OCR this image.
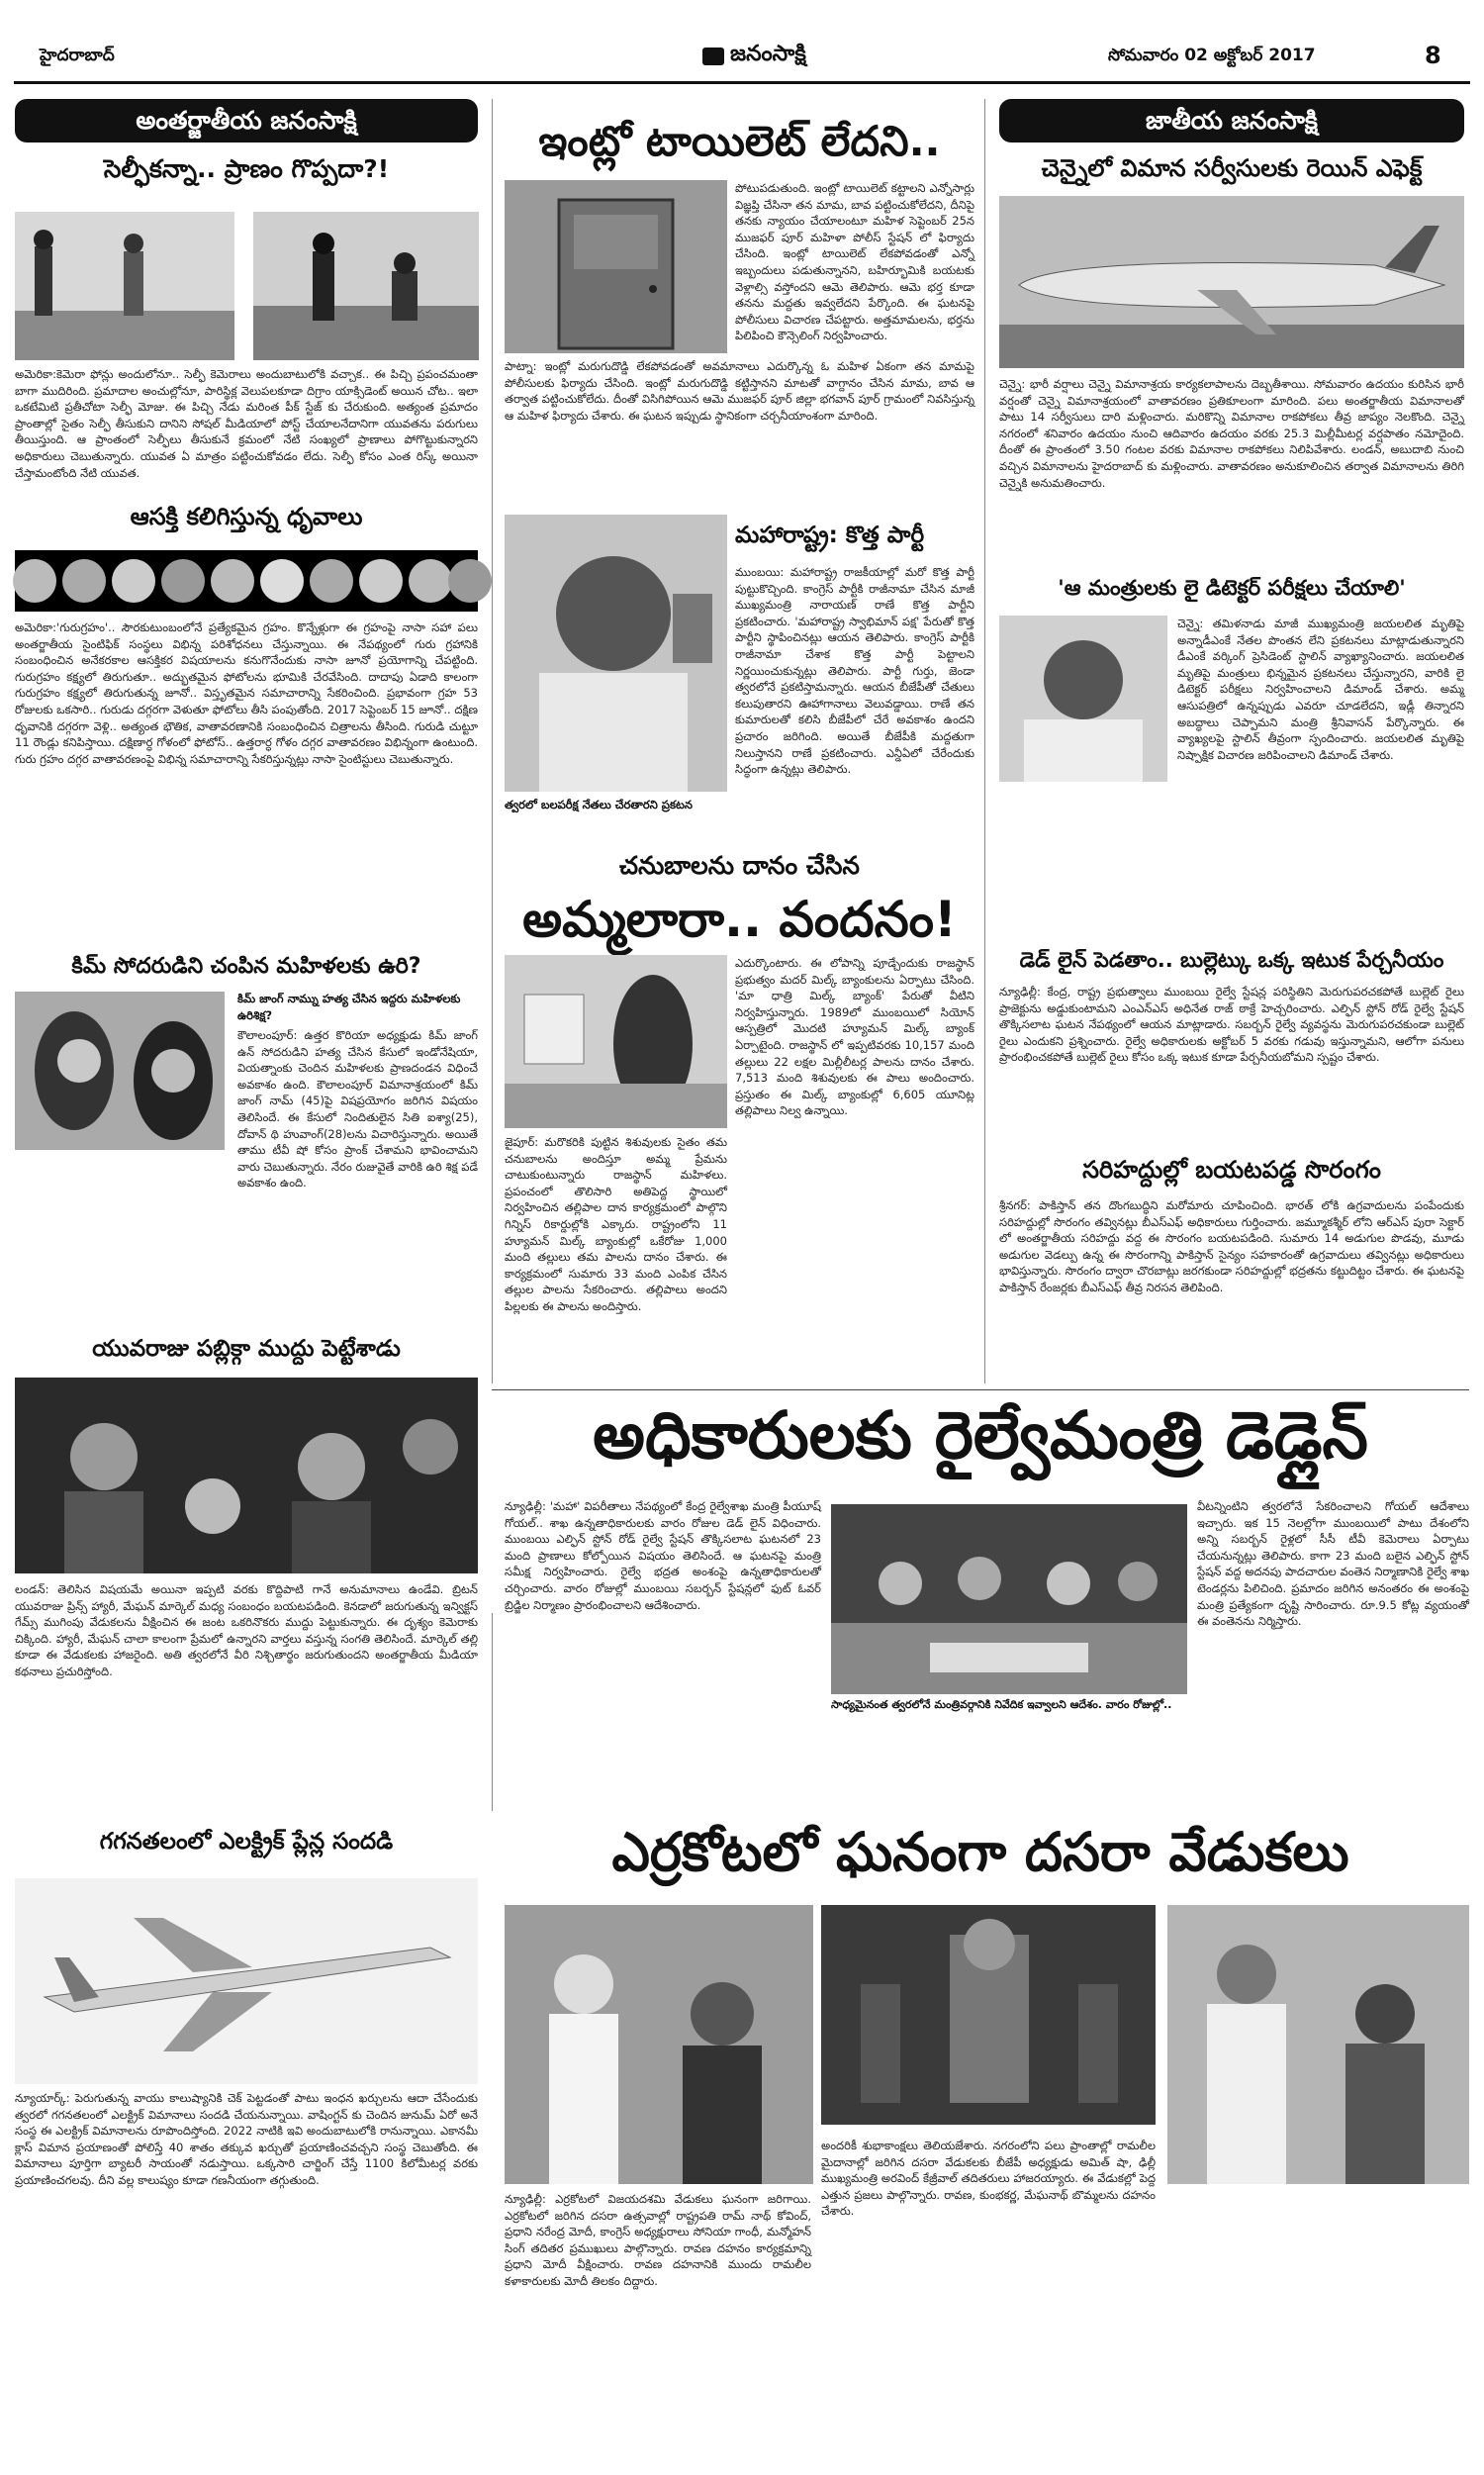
హైదరాబాద్	జనంసాక్షి	సోమవారం 02 అక్టోబర్ 2017	8
అంతర్జాతీయ జనంసాక్షి
సెల్ఫీకన్నా.. ప్రాణం గొప్పదా?!
అమెరికా:కెమెరా ఫోన్లు అందులోనూ.. సెల్ఫీ కెమెరాలు అందుబాటులోకి వచ్చాక.. ఈ పిచ్చి ప్రపంచమంతా బాగా ముదిరింది. ప్రమాదాల అంచుల్లోనూ, పారిస్థిక్ల వెలుపలకూడా దిగ్రాం యాక్సిడెంట్ అయిన చోట.. ఇలా ఒకటేమిటి ప్రతీచోటా సెల్ఫీ మోజు. ఈ పిచ్చి నేడు మరింత పీక్ స్టేజ్ కు చేరుకుంది. అత్యంత ప్రమాదం ప్రాంతాల్లో సైతం సెల్ఫీ తీసుకుని దానిని సోషల్ మీడియాలో పోస్ట్ చేయాలనేదానిగా యువతను పరుగులు తీయిస్తుంది. ఆ ప్రాంతంలో సెల్ఫీలు తీసుకునే క్రమంలో నేటి సంఖ్యలో ప్రాణాలు పోగొట్టుకున్నారని అధికారులు చెబుతున్నారు. యువత ఏ మాత్రం పట్టించుకోవడం లేదు. సెల్ఫీ కోసం ఎంత రిస్క్ అయినా చేస్తామంటోంది నేటి యువత.
ఆసక్తి కలిగిస్తున్న ధృవాలు
అమెరికా:'గురుగ్రహం'.. సౌరకుటుంబంలోనే ప్రత్యేకమైన గ్రహం. కొన్నేళ్లుగా ఈ గ్రహంపై నాసా సహా పలు అంతర్జాతీయ సైంటిఫిక్ సంస్థలు విభిన్న పరిశోధనలు చేస్తున్నాయి. ఈ నేపథ్యంలో గురు గ్రహానికి సంబంధించిన అనేకరకాల ఆసక్తికర విషయాలను కనుగొనేందుకు నాసా జూనో ప్రయోగాన్ని చేపట్టింది. గురుగ్రహం కక్ష్యలో తిరుగుతూ.. అద్భుతమైన ఫోటోలను భూమికి చేరవేసింది. దాదాపు ఏడాది కాలంగా గురుగ్రహం కక్ష్యలో తిరుగుతున్న జూనో.. విస్తృతమైన సమాచారాన్ని సేకరించింది. ప్రభావంగా గ్రహ 53 రోజులకు ఒకసారి.. గురుడు దగ్గరగా వెళుతూ ఫోటోలు తీసి పంపుతోంది. 2017 సెప్టెంబర్ 15 జూనో.. దక్షిణ ధృవానికి దగ్గరగా వెళ్లి.. అత్యంత భౌతిక, వాతావరణానికి సంబంధించిన చిత్రాలను తీసింది. గురుడి చుట్టూ 11 రౌండ్లు కనిపిస్తాయి. దక్షిణార్ధ గోళంలో ఫోటోస్.. ఉత్తరార్ధ గోళం దగ్గర వాతావరణం విభిన్నంగా ఉంటుంది. గురు గ్రహం దగ్గర వాతావరణంపై విభిన్న సమాచారాన్ని సేకరిస్తున్నట్లు నాసా సైంటిస్టులు చెబుతున్నారు.
కిమ్ సోదరుడిని చంపిన మహిళలకు ఉరి?
కిమ్ జాంగ్ నామ్ను హత్య చేసిన ఇద్దరు మహిళలకు ఉరిశిక్ష?
కౌలాలంపూర్: ఉత్తర కొరియా అధ్యక్షుడు కిమ్ జాంగ్ ఉన్ సోదరుడిని హత్య చేసిన కేసులో ఇండోనేషియా, వియత్నాంకు చెందిన మహిళలకు ప్రాణదండన విధించే అవకాశం ఉంది. కౌలాలంపూర్ విమానాశ్రయంలో కిమ్ జాంగ్ నామ్ (45)పై విషప్రయోగం జరిగిన విషయం తెలిసిందే. ఈ కేసులో నిందితులైన సితి ఐశ్యా(25), దోవాన్ థి హువాంగ్(28)లను విచారిస్తున్నారు. అయితే తాము టీవీ షో కోసం ప్రాంక్ చేశామని భావించామని వారు చెబుతున్నారు. నేరం రుజువైతే వారికి ఉరి శిక్ష పడే అవకాశం ఉంది.
యువరాజు పబ్లిక్గా ముద్దు పెట్టేశాడు
లండన్: తెలిసిన విషయమే అయినా ఇప్పటి వరకు కొద్దిపాటి గానే అనుమానాలు ఉండేవి. బ్రిటన్ యువరాజు ప్రిన్స్ హ్యారీ, మేఘన్ మార్కెల్ మధ్య సంబంధం బయటపడింది. కెనడాలో జరుగుతున్న ఇన్విక్టస్ గేమ్స్ ముగింపు వేడుకలను వీక్షించిన ఈ జంట ఒకరినొకరు ముద్దు పెట్టుకున్నారు. ఈ దృశ్యం కెమెరాకు చిక్కింది. హ్యారీ, మేఘన్ చాలా కాలంగా ప్రేమలో ఉన్నారని వార్తలు వస్తున్న సంగతి తెలిసిందే. మార్కెల్ తల్లి కూడా ఈ వేడుకలకు హాజరైంది. అతి త్వరలోనే వీరి నిశ్చితార్థం జరుగుతుందని అంతర్జాతీయ మీడియా కథనాలు ప్రచురిస్తోంది.
గగనతలంలో ఎలక్ట్రిక్ ప్లేన్ల సందడి
న్యూయార్క్: పెరుగుతున్న వాయు కాలుష్యానికి చెక్ పెట్టడంతో పాటు ఇంధన ఖర్చులను ఆదా చేసేందుకు త్వరలో గగనతలంలో ఎలక్ట్రిక్ విమానాలు సందడి చేయనున్నాయి. వాషింగ్టన్ కు చెందిన జునుమ్ ఏరో అనే సంస్థ ఈ ఎలక్ట్రిక్ విమానాలను రూపొందిస్తోంది. 2022 నాటికి ఇవి అందుబాటులోకి రానున్నాయి. ఎకానమీ క్లాస్ విమాన ప్రయాణంతో పోలిస్తే 40 శాతం తక్కువ ఖర్చుతో ప్రయాణించవచ్చని సంస్థ చెబుతోంది. ఈ విమానాలు పూర్తిగా బ్యాటరీ సాయంతో నడుస్తాయి. ఒక్కసారి చార్జింగ్ చేస్తే 1100 కిలోమీటర్ల వరకు ప్రయాణించగలవు. దీని వల్ల కాలుష్యం కూడా గణనీయంగా తగ్గుతుంది.
ఇంట్లో టాయిలెట్ లేదని..
పోటుపడుతుంది. ఇంట్లో టాయిలెట్ కట్టాలని ఎన్నోసార్లు విజ్ఞప్తి చేసినా తన మామ, బావ పట్టించుకోలేదని, దీనిపై తనకు న్యాయం చేయాలంటూ మహిళ సెప్టెంబర్ 25న ముజఫర్ పూర్ మహిళా పోలీస్ స్టేషన్ లో ఫిర్యాదు చేసింది. ఇంట్లో టాయిలెట్ లేకపోవడంతో ఎన్నో ఇబ్బందులు పడుతున్నానని, బహిర్భూమికి బయటకు వెళ్లాల్సి వస్తోందని ఆమె తెలిపారు. ఆమె భర్త కూడా తనను మద్దతు ఇవ్వలేదని పేర్కొంది. ఈ ఘటనపై పోలీసులు విచారణ చేపట్టారు. అత్తమామలను, భర్తను పిలిపించి కౌన్సెలింగ్ నిర్వహించారు.
పాట్నా: ఇంట్లో మరుగుదొడ్డి లేకపోవడంతో అవమానాలు ఎదుర్కొన్న ఓ మహిళ ఏకంగా తన మామపై పోలీసులకు ఫిర్యాదు చేసింది. ఇంట్లో మరుగుదొడ్డి కట్టిస్తానని మాటతో వాగ్దానం చేసిన మామ, బావ ఆ తర్వాత పట్టించుకోలేదు. దీంతో విసిగిపోయిన ఆమె ముజఫర్ పూర్ జిల్లా భగవాన్ పూర్ గ్రామంలో నివసిస్తున్న ఆ మహిళ ఫిర్యాదు చేశారు. ఈ ఘటన ఇప్పుడు స్థానికంగా చర్చనీయాంశంగా మారింది.
మహారాష్ట్ర: కొత్త పార్టీ
ముంబయి: మహారాష్ట్ర రాజకీయాల్లో మరో కొత్త పార్టీ పుట్టుకొచ్చింది. కాంగ్రెస్ పార్టీకి రాజీనామా చేసిన మాజీ ముఖ్యమంత్రి నారాయణ్ రాణే కొత్త పార్టీని ప్రకటించారు. 'మహారాష్ట్ర స్వాభిమాన్ పక్ష' పేరుతో కొత్త పార్టీని స్థాపించినట్లు ఆయన తెలిపారు. కాంగ్రెస్ పార్టీకి రాజీనామా చేశాక కొత్త పార్టీ పెట్టాలని నిర్ణయించుకున్నట్లు తెలిపారు. పార్టీ గుర్తు, జెండా త్వరలోనే ప్రకటిస్తామన్నారు. ఆయన బీజేపీతో చేతులు కలుపుతారని ఊహాగానాలు వెలువడ్డాయి. రాణే తన కుమారులతో కలిసి బీజేపీలో చేరే అవకాశం ఉందని ప్రచారం జరిగింది. అయితే బీజేపీకి మద్దతుగా నిలుస్తానని రాణే ప్రకటించారు. ఎన్డీఏలో చేరేందుకు సిద్ధంగా ఉన్నట్లు తెలిపారు.
త్వరలో బలపరీక్ష నేతలు చేరతారని ప్రకటన
చనుబాలను దానం చేసిన
అమ్మలారా.. వందనం!
ఎదుర్కొంటారు. ఈ లోపాన్ని పూడ్చేందుకు రాజస్థాన్ ప్రభుత్వం మదర్ మిల్క్ బ్యాంకులను ఏర్పాటు చేసింది. 'మా ధాత్రి మిల్క్ బ్యాంక్' పేరుతో వీటిని నిర్వహిస్తున్నారు. 1989లో ముంబయిలో సియోన్ ఆస్పత్రిలో మొదటి హ్యూమన్ మిల్క్ బ్యాంక్ ఏర్పాటైంది. రాజస్థాన్ లో ఇప్పటివరకు 10,157 మంది తల్లులు 22 లక్షల మిల్లీలీటర్ల పాలను దానం చేశారు. 7,513 మంది శిశువులకు ఈ పాలు అందించారు. ప్రస్తుతం ఈ మిల్క్ బ్యాంకుల్లో 6,605 యూనిట్ల తల్లిపాలు నిల్వ ఉన్నాయి.
జైపూర్: మరొకరికి పుట్టిన శిశువులకు సైతం తమ చనుబాలను అందిస్తూ అమ్మ ప్రేమను చాటుకుంటున్నారు రాజస్థాన్ మహిళలు. ప్రపంచంలో తొలిసారి అతిపెద్ద స్థాయిలో నిర్వహించిన తల్లిపాల దాన కార్యక్రమంలో పాల్గొని గిన్నిస్ రికార్డుల్లోకి ఎక్కారు. రాష్ట్రంలోని 11 హ్యూమన్ మిల్క్ బ్యాంకుల్లో ఒకేరోజు 1,000 మంది తల్లులు తమ పాలను దానం చేశారు. ఈ కార్యక్రమంలో సుమారు 33 మంది ఎంపిక చేసిన తల్లుల పాలను సేకరించారు. తల్లిపాలు అందని పిల్లలకు ఈ పాలను అందిస్తారు.
జాతీయ జనంసాక్షి
చెన్నైలో విమాన సర్వీసులకు రెయిన్ ఎఫెక్ట్
చెన్నై: భారీ వర్షాలు చెన్నై విమానాశ్రయ కార్యకలాపాలను దెబ్బతీశాయి. సోమవారం ఉదయం కురిసిన భారీ వర్షంతో చెన్నై విమానాశ్రయంలో వాతావరణం ప్రతికూలంగా మారింది. పలు అంతర్జాతీయ విమానాలతో పాటు 14 సర్వీసులు దారి మళ్లించారు. మరికొన్ని విమానాల రాకపోకలు తీవ్ర జాప్యం నెలకొంది. చెన్నై నగరంలో శనివారం ఉదయం నుంచి ఆదివారం ఉదయం వరకు 25.3 మిల్లీమీటర్ల వర్షపాతం నమోదైంది. దీంతో ఈ ప్రాంతంలో 3.50 గంటల వరకు విమానాల రాకపోకలు నిలిపివేశారు. లండన్, అబుదాబి నుంచి వచ్చిన విమానాలను హైదరాబాద్ కు మళ్లించారు. వాతావరణం అనుకూలించిన తర్వాత విమానాలను తిరిగి చెన్నైకి అనుమతించారు.
'ఆ మంత్రులకు లై డిటెక్టర్ పరీక్షలు చేయాలి'
చెన్నై: తమిళనాడు మాజీ ముఖ్యమంత్రి జయలలిత మృతిపై అన్నాడీఎంకే నేతల పొంతన లేని ప్రకటనలు మాట్లాడుతున్నారని డీఎంకే వర్కింగ్ ప్రెసిడెంట్ స్టాలిన్ వ్యాఖ్యానించారు. జయలలిత మృతిపై మంత్రులు భిన్నమైన ప్రకటనలు చేస్తున్నారని, వారికి లై డిటెక్టర్ పరీక్షలు నిర్వహించాలని డిమాండ్ చేశారు. అమ్మ ఆసుపత్రిలో ఉన్నప్పుడు ఎవరూ చూడలేదని, ఇడ్లీ తిన్నారని అబద్ధాలు చెప్పామని మంత్రి శ్రీనివాసన్ పేర్కొన్నారు. ఈ వ్యాఖ్యలపై స్టాలిన్ తీవ్రంగా స్పందించారు. జయలలిత మృతిపై నిష్పాక్షిక విచారణ జరిపించాలని డిమాండ్ చేశారు.
డెడ్ లైన్ పెడతాం.. బుల్లెట్కు ఒక్క ఇటుక పేర్చనీయం
న్యూఢిల్లీ: కేంద్ర, రాష్ట్ర ప్రభుత్వాలు ముంబయి రైల్వే స్టేషన్ల పరిస్థితిని మెరుగుపరచకపోతే బుల్లెట్ రైలు ప్రాజెక్టును అడ్డుకుంటామని ఎంఎన్ఎస్ అధినేత రాజ్ ఠాక్రే హెచ్చరించారు. ఎల్ఫిన్ స్టోన్ రోడ్ రైల్వే స్టేషన్ తొక్కిసలాట ఘటన నేపథ్యంలో ఆయన మాట్లాడారు. సబర్బన్ రైల్వే వ్యవస్థను మెరుగుపరచకుండా బుల్లెట్ రైలు ఎందుకని ప్రశ్నించారు. రైల్వే అధికారులకు అక్టోబర్ 5 వరకు గడువు ఇస్తున్నామని, ఆలోగా పనులు ప్రారంభించకపోతే బుల్లెట్ రైలు కోసం ఒక్క ఇటుక కూడా పేర్చనీయబోమని స్పష్టం చేశారు.
సరిహద్దుల్లో బయటపడ్డ సొరంగం
శ్రీనగర్: పాకిస్తాన్ తన దొంగబుద్ధిని మరోమారు చూపించింది. భారత్ లోకి ఉగ్రవాదులను పంపేందుకు సరిహద్దుల్లో సొరంగం తవ్వినట్లు బీఎస్ఎఫ్ అధికారులు గుర్తించారు. జమ్మూకశ్మీర్ లోని ఆర్ఎస్ పురా సెక్టార్ లో అంతర్జాతీయ సరిహద్దు వద్ద ఈ సొరంగం బయటపడింది. సుమారు 14 అడుగుల పొడవు, మూడు అడుగుల వెడల్పు ఉన్న ఈ సొరంగాన్ని పాకిస్తాన్ సైన్యం సహకారంతో ఉగ్రవాదులు తవ్వినట్లు అధికారులు భావిస్తున్నారు. సొరంగం ద్వారా చొరబాట్లు జరగకుండా సరిహద్దుల్లో భద్రతను కట్టుదిట్టం చేశారు. ఈ ఘటనపై పాకిస్తాన్ రేంజర్లకు బీఎస్ఎఫ్ తీవ్ర నిరసన తెలిపింది.
అధికారులకు రైల్వేమంత్రి డెడ్లైన్
న్యూఢిల్లీ: 'మహా' విపరీతాలు నేపథ్యంలో కేంద్ర రైల్వేశాఖ మంత్రి పీయూష్ గోయల్.. శాఖ ఉన్నతాధికారులకు వారం రోజుల డెడ్ లైన్ విధించారు. ముంబయి ఎల్ఫిన్ స్టోన్ రోడ్ రైల్వే స్టేషన్ తొక్కిసలాట ఘటనలో 23 మంది ప్రాణాలు కోల్పోయిన విషయం తెలిసిందే. ఆ ఘటనపై మంత్రి సమీక్ష నిర్వహించారు. రైల్వే భద్రత అంశంపై ఉన్నతాధికారులతో చర్చించారు. వారం రోజుల్లో ముంబయి సబర్బన్ స్టేషన్లలో ఫుట్ ఓవర్ బ్రిడ్జిల నిర్మాణం ప్రారంభించాలని ఆదేశించారు.
సాధ్యమైనంత త్వరలోనే మంత్రివర్గానికి నివేదిక ఇవ్వాలని ఆదేశం. వారం రోజుల్లో..
వీటన్నింటిని త్వరలోనే సేకరించాలని గోయల్ ఆదేశాలు ఇచ్చారు. ఇక 15 నెలల్లోగా ముంబయిలో పాటు దేశంలోని అన్ని సబర్బన్ రైళ్లలో సీసీ టీవీ కెమెరాలు ఏర్పాటు చేయనున్నట్లు తెలిపారు. కాగా 23 మంది బలైన ఎల్ఫిన్ స్టోన్ స్టేషన్ వద్ద అదనపు పాదచారుల వంతెన నిర్మాణానికి రైల్వే శాఖ టెండర్లను పిలిచింది. ప్రమాదం జరిగిన అనంతరం ఈ అంశంపై మంత్రి ప్రత్యేకంగా దృష్టి సారించారు. రూ.9.5 కోట్ల వ్యయంతో ఈ వంతెనను నిర్మిస్తారు.
ఎర్రకోటలో ఘనంగా దసరా వేడుకలు
న్యూఢిల్లీ: ఎర్రకోటలో విజయదశమి వేడుకలు ఘనంగా జరిగాయి. ఎర్రకోటలో జరిగిన దసరా ఉత్సవాల్లో రాష్ట్రపతి రామ్ నాథ్ కోవింద్, ప్రధాని నరేంద్ర మోదీ, కాంగ్రెస్ అధ్యక్షురాలు సోనియా గాంధీ, మన్మోహన్ సింగ్ తదితర ప్రముఖులు పాల్గొన్నారు. రావణ దహనం కార్యక్రమాన్ని ప్రధాని మోదీ వీక్షించారు. రావణ దహనానికి ముందు రామలీల కళాకారులకు మోదీ తిలకం దిద్దారు.
అందరికీ శుభాకాంక్షలు తెలియజేశారు. నగరంలోని పలు ప్రాంతాల్లో రామలీల మైదానాల్లో జరిగిన దసరా వేడుకలకు బీజేపీ అధ్యక్షుడు అమిత్ షా, ఢిల్లీ ముఖ్యమంత్రి అరవింద్ కేజ్రీవాల్ తదితరులు హాజరయ్యారు. ఈ వేడుకల్లో పెద్ద ఎత్తున ప్రజలు పాల్గొన్నారు. రావణ, కుంభకర్ణ, మేఘనాథ్ బొమ్మలను దహనం చేశారు.
